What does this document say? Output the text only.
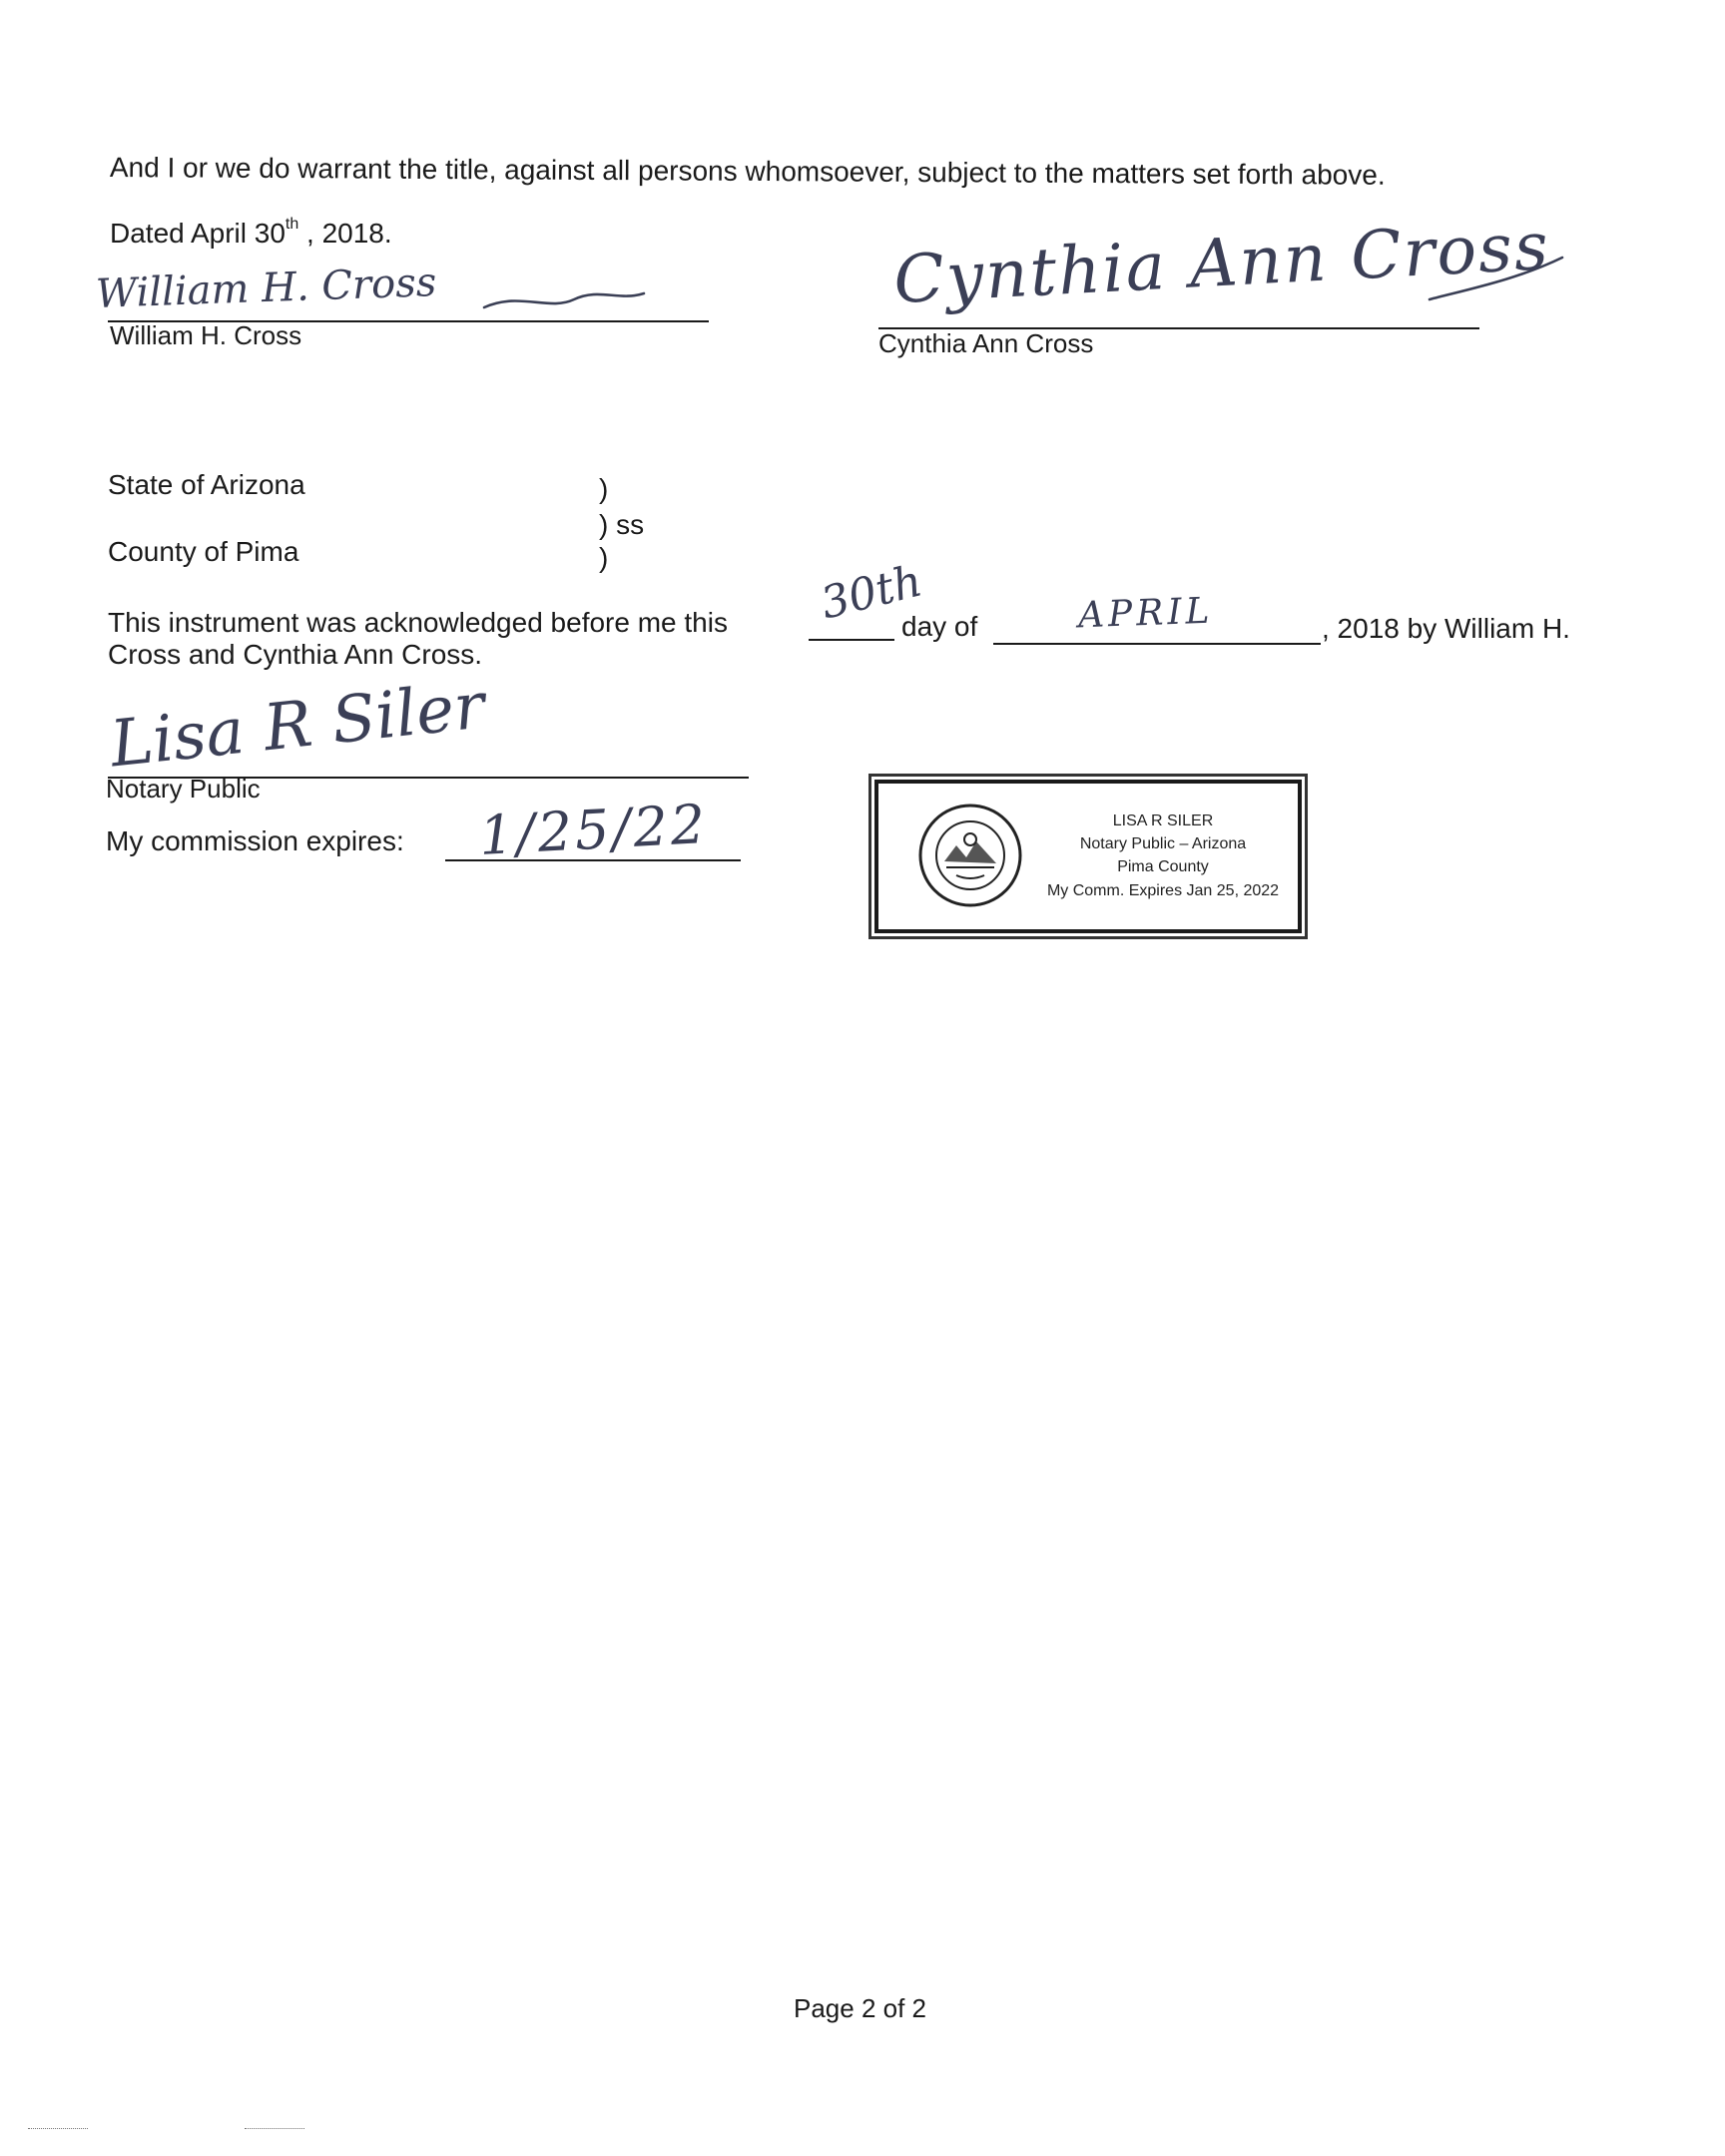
And I or we do warrant the title, against all persons whomsoever, subject to the matters set forth above.
Dated April 30th , 2018.
William H. Cross
William H. Cross
Cynthia Ann Cross
Cynthia Ann Cross
State of Arizona	)
) ss
County of Pima	)
This instrument was acknowledged before me this 30th
day of	APRIL	, 2018 by William H.
Cross and Cynthia Ann Cross.
Lisa R Siler
Notary Public
My commission expires: 1/25/22	LISA R SILER
Notary Public – Arizona
Pima County
My Comm. Expires Jan 25, 2022
Page 2 of 2
